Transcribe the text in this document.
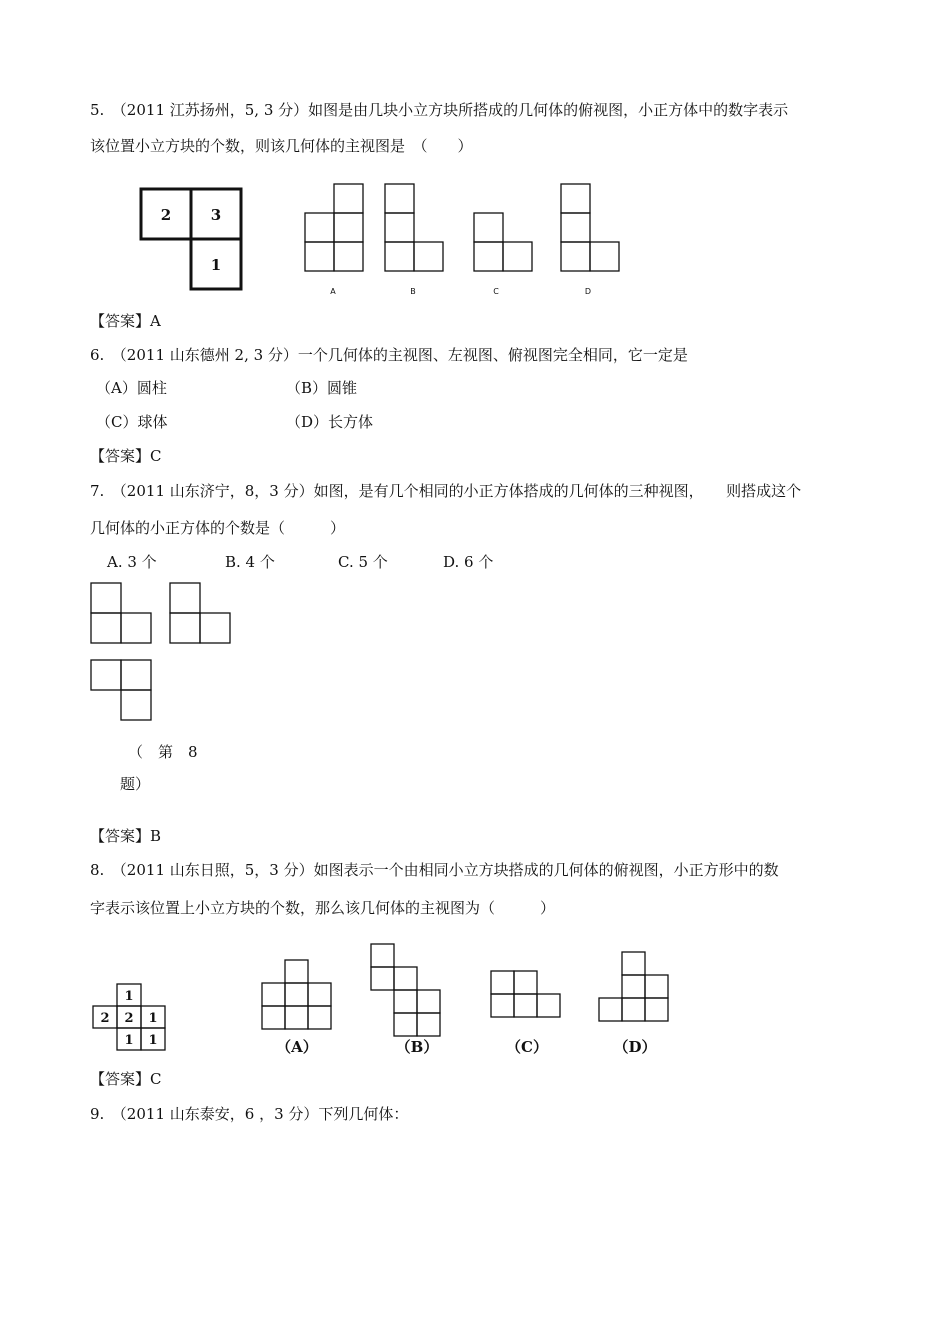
5.　（2011 江苏扬州，5, 3 分）如图是由几块小立方块所搭成的几何体的俯视图，小正方体中的数字表示
该位置小立方块的个数，则该几何体的主视图是　（　　）
2	3
1
A	B	C	D
【答案】A
6.　（2011 山东德州 2, 3 分）一个几何体的主视图、左视图、俯视图完全相同，它一定是
（A）圆柱	（B）圆锥
（C）球体	（D）长方体
【答案】C
7.　（2011 山东济宁，8，3 分）如图，是有几个相同的小正方体搭成的几何体的三种视图，　　则搭成这个
几何体的小正方体的个数是（　　　）
A. 3 个	B. 4 个	C. 5 个	D. 6 个
（　第　8
题）
【答案】B
8.　（2011 山东日照，5，3 分）如图表示一个由相同小立方块搭成的几何体的俯视图，小正方形中的数
字表示该位置上小立方块的个数，那么该几何体的主视图为（　　　）
1
2 2 1
1 1	（A）	（B）	（C）	（D）
【答案】C
9.　（2011 山东泰安，6 ，3 分）下列几何体：
